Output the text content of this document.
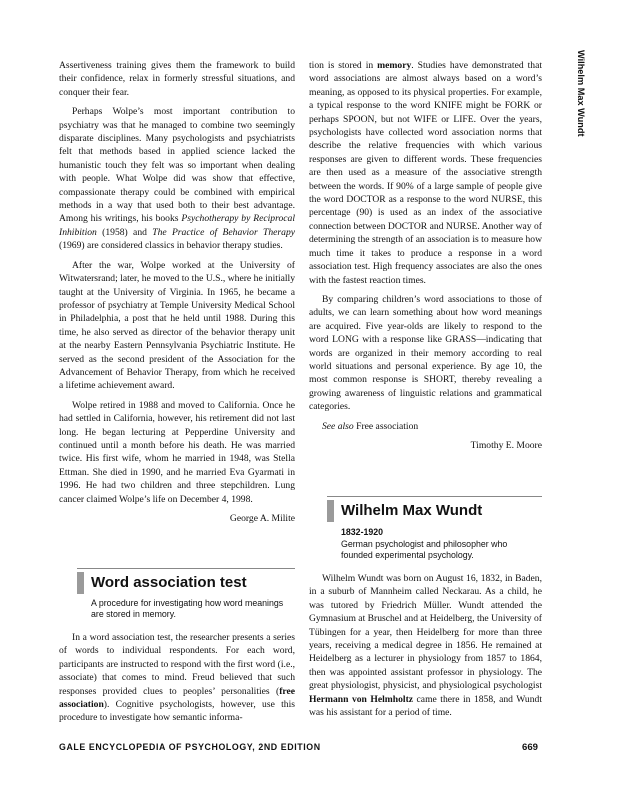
Wilhelm Max Wundt

Assertiveness training gives them the framework to build their confidence, relax in formerly stressful situations, and conquer their fear.

Perhaps Wolpe’s most important contribution to psychiatry was that he managed to combine two seemingly disparate disciplines. Many psychologists and psychiatrists felt that methods based in applied science lacked the humanistic touch they felt was so important when dealing with people. What Wolpe did was show that effective, compassionate therapy could be combined with empirical methods in a way that used both to their best advantage. Among his writings, his books Psychotherapy by Reciprocal Inhibition (1958) and The Practice of Behavior Therapy (1969) are considered classics in behavior therapy studies.

After the war, Wolpe worked at the University of Witwatersrand; later, he moved to the U.S., where he initially taught at the University of Virginia. In 1965, he became a professor of psychiatry at Temple University Medical School in Philadelphia, a post that he held until 1988. During this time, he also served as director of the behavior therapy unit at the nearby Eastern Pennsylvania Psychiatric Institute. He served as the second president of the Association for the Advancement of Behavior Therapy, from which he received a lifetime achievement award.

Wolpe retired in 1988 and moved to California. Once he had settled in California, however, his retirement did not last long. He began lecturing at Pepperdine University and continued until a month before his death. He was married twice. His first wife, whom he married in 1948, was Stella Ettman. She died in 1990, and he married Eva Gyarmati in 1996. He had two children and three stepchildren. Lung cancer claimed Wolpe’s life on December 4, 1998.

George A. Milite

Word association test
A procedure for investigating how word meanings are stored in memory.

In a word association test, the researcher presents a series of words to individual respondents. For each word, participants are instructed to respond with the first word (i.e., associate) that comes to mind. Freud believed that such responses provided clues to peoples’ personalities (free association). Cognitive psychologists, however, use this procedure to investigate how semantic informa-

tion is stored in memory. Studies have demonstrated that word associations are almost always based on a word’s meaning, as opposed to its physical properties. For example, a typical response to the word KNIFE might be FORK or perhaps SPOON, but not WIFE or LIFE. Over the years, psychologists have collected word association norms that describe the relative frequencies with which various responses are given to different words. These frequencies are then used as a measure of the associative strength between the words. If 90% of a large sample of people give the word DOCTOR as a response to the word NURSE, this percentage (90) is used as an index of the associative connection between DOCTOR and NURSE. Another way of determining the strength of an association is to measure how much time it takes to produce a response in a word association test. High frequency associates are also the ones with the fastest reaction times.

By comparing children’s word associations to those of adults, we can learn something about how word meanings are acquired. Five year-olds are likely to respond to the word LONG with a response like GRASS—indicating that words are organized in their memory according to real world situations and personal experience. By age 10, the most common response is SHORT, thereby revealing a growing awareness of linguistic relations and grammatical categories.

See also Free association

Timothy E. Moore

Wilhelm Max Wundt
1832-1920
German psychologist and philosopher who founded experimental psychology.

Wilhelm Wundt was born on August 16, 1832, in Baden, in a suburb of Mannheim called Neckarau. As a child, he was tutored by Friedrich Müller. Wundt attended the Gymnasium at Bruschel and at Heidelberg, the University of Tübingen for a year, then Heidelberg for more than three years, receiving a medical degree in 1856. He remained at Heidelberg as a lecturer in physiology from 1857 to 1864, then was appointed assistant professor in physiology. The great physiologist, physicist, and physiological psychologist Hermann von Helmholtz came there in 1858, and Wundt was his assistant for a period of time.

GALE ENCYCLOPEDIA OF PSYCHOLOGY, 2ND EDITION	669
